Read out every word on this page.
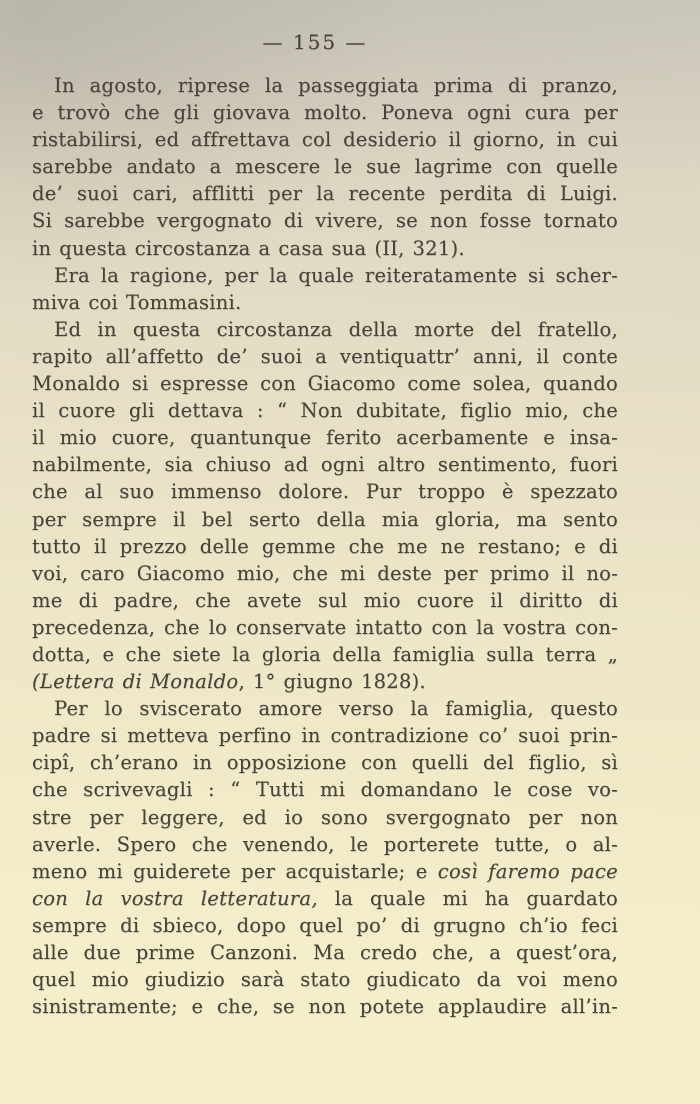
— 155 —
In agosto, riprese la passeggiata prima di pranzo,
e trovò che gli giovava molto. Poneva ogni cura per
ristabilirsi, ed affrettava col desiderio il giorno, in cui
sarebbe andato a mescere le sue lagrime con quelle
de’ suoi cari, afflitti per la recente perdita di Luigi.
Si sarebbe vergognato di vivere, se non fosse tornato
in questa circostanza a casa sua (II, 321).
Era la ragione, per la quale reiteratamente si scher-
miva coi Tommasini.
Ed in questa circostanza della morte del fratello,
rapito all’affetto de’ suoi a ventiquattr’ anni, il conte
Monaldo si espresse con Giacomo come solea, quando
il cuore gli dettava : “ Non dubitate, figlio mio, che
il mio cuore, quantunque ferito acerbamente e insa-
nabilmente, sia chiuso ad ogni altro sentimento, fuori
che al suo immenso dolore. Pur troppo è spezzato
per sempre il bel serto della mia gloria, ma sento
tutto il prezzo delle gemme che me ne restano; e di
voi, caro Giacomo mio, che mi deste per primo il no-
me di padre, che avete sul mio cuore il diritto di
precedenza, che lo conservate intatto con la vostra con-
dotta, e che siete la gloria della famiglia sulla terra „
(Lettera di Monaldo, 1° giugno 1828).
Per lo sviscerato amore verso la famiglia, questo
padre si metteva perfino in contradizione co’ suoi prin-
cipî, ch’erano in opposizione con quelli del figlio, sì
che scrivevagli : “ Tutti mi domandano le cose vo-
stre per leggere, ed io sono svergognato per non
averle. Spero che venendo, le porterete tutte, o al-
meno mi guiderete per acquistarle; e così faremo pace
con la vostra letteratura, la quale mi ha guardato
sempre di sbieco, dopo quel po’ di grugno ch’io feci
alle due prime Canzoni. Ma credo che, a quest’ora,
quel mio giudizio sarà stato giudicato da voi meno
sinistramente; e che, se non potete applaudire all’in-
